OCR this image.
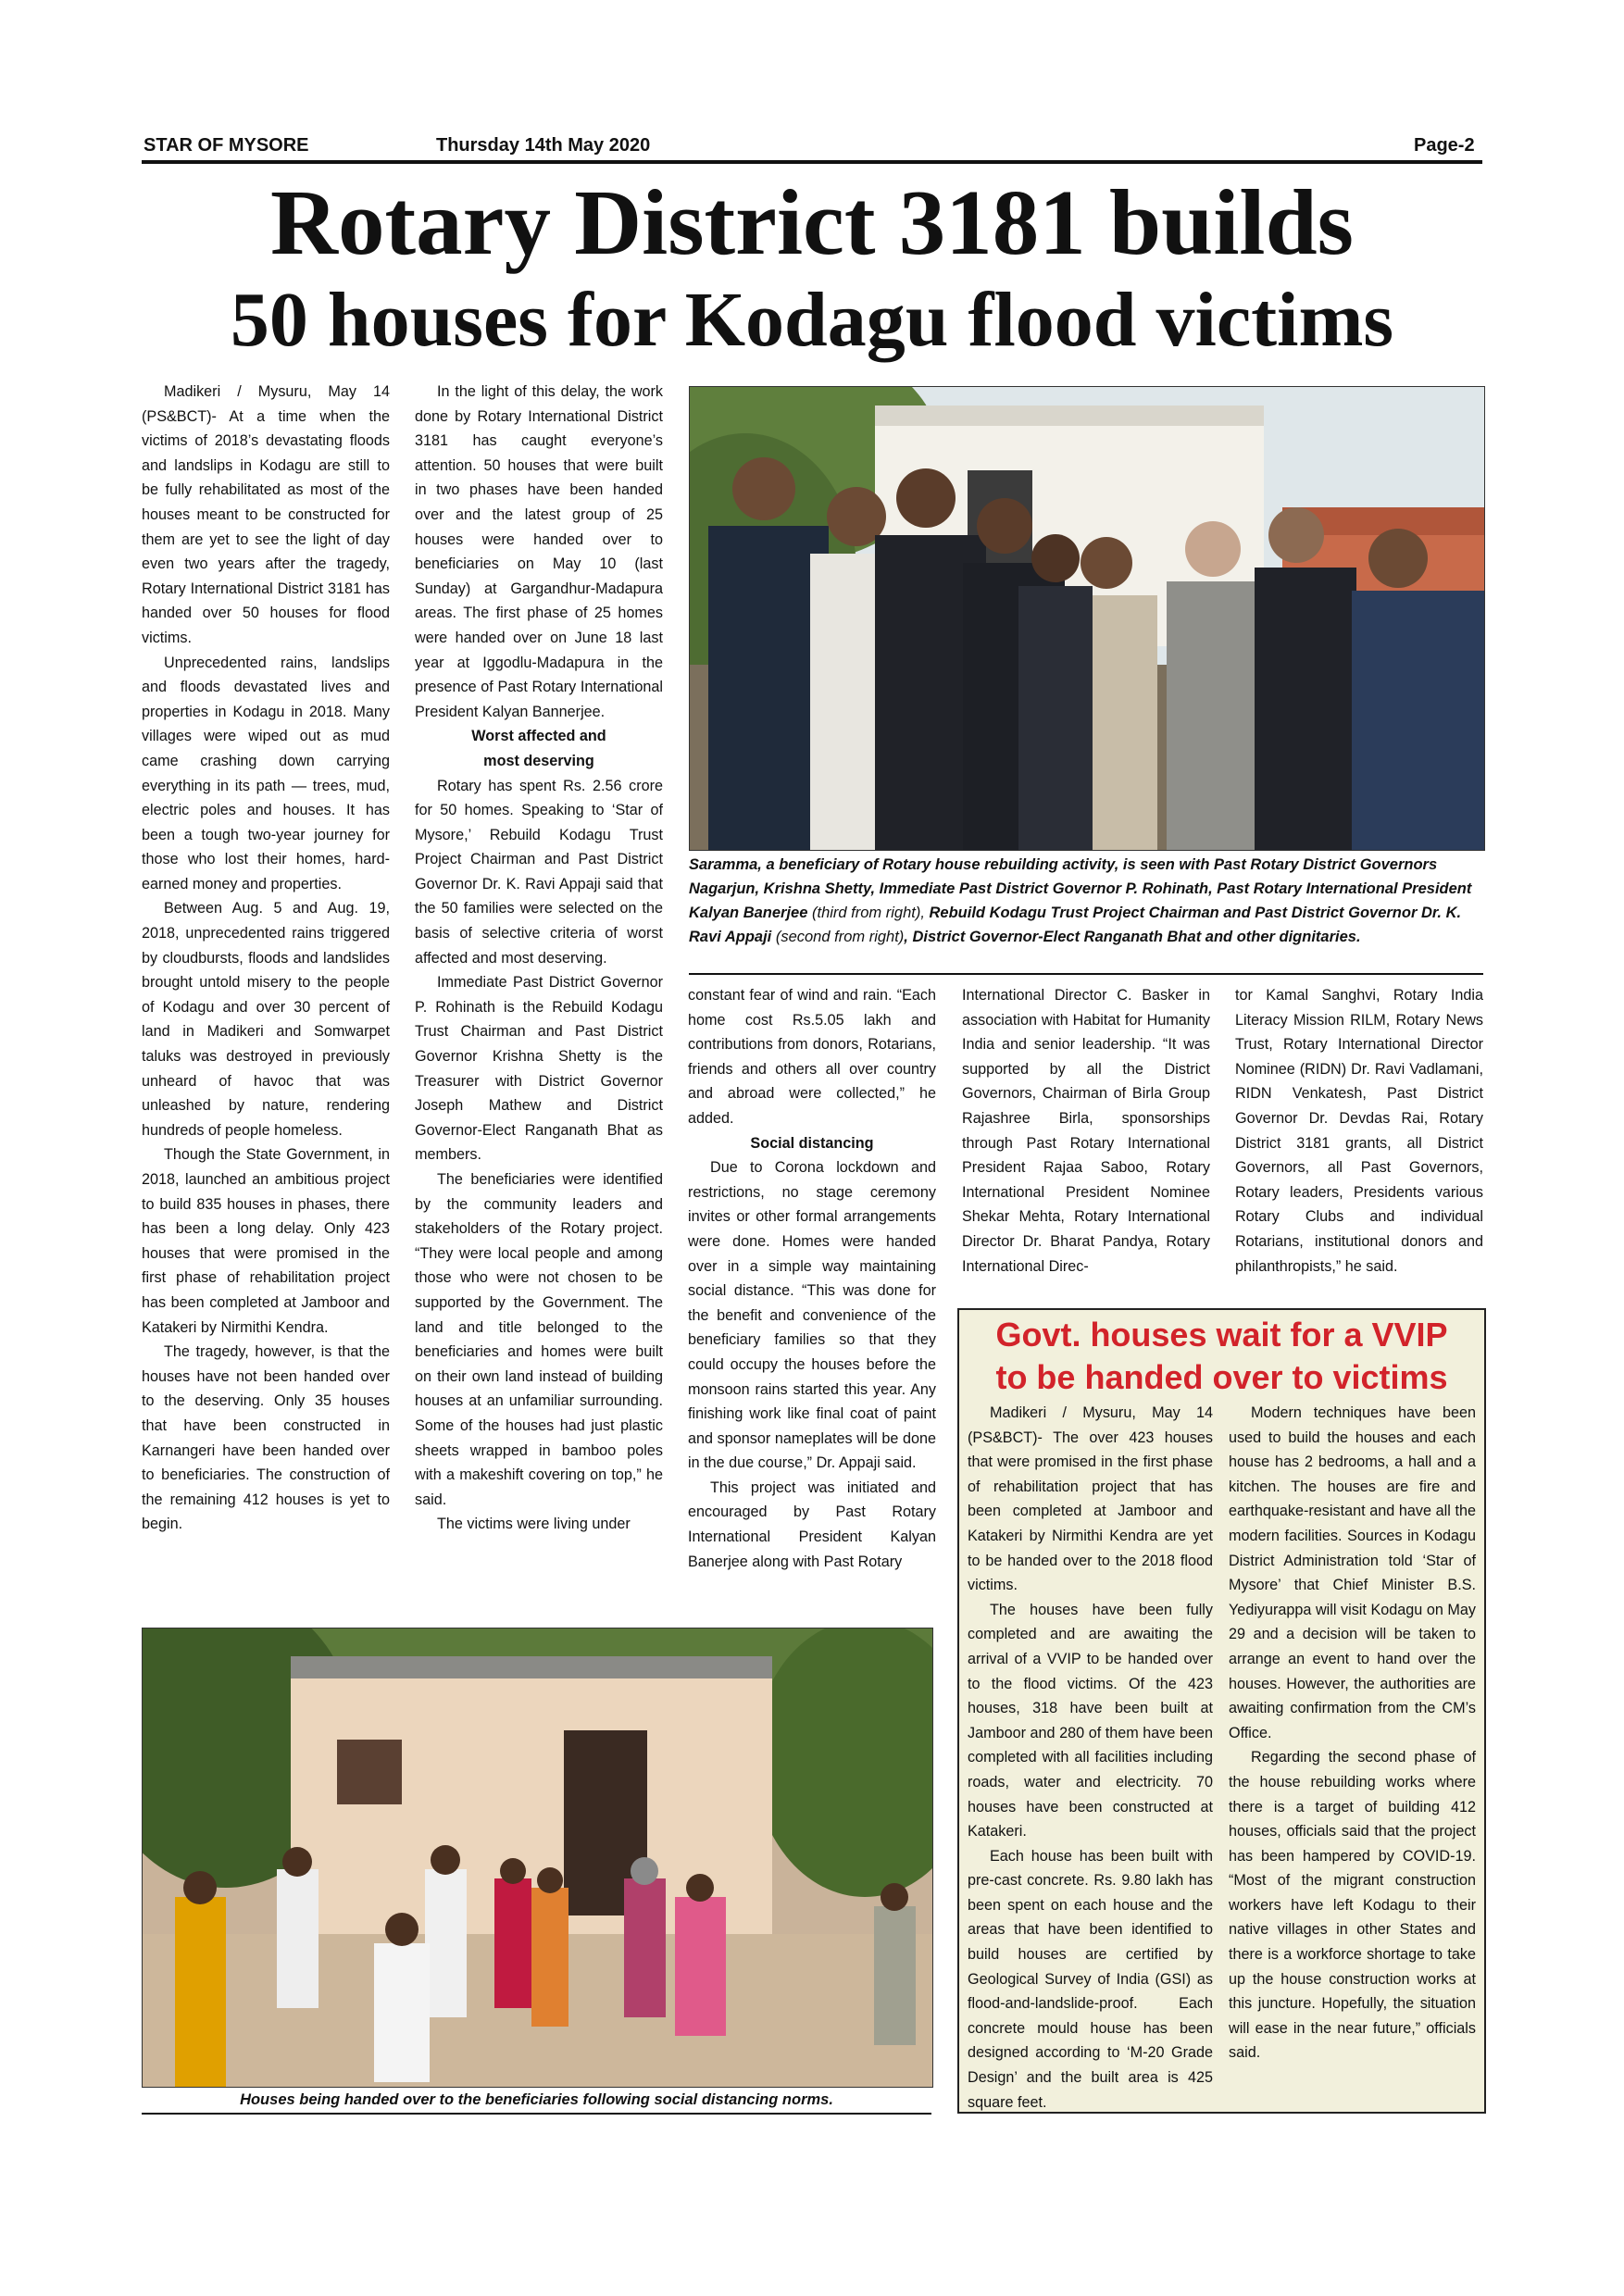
STAR OF MYSORE	Thursday 14th May 2020	Page-2
Rotary District 3181 builds
50 houses for Kodagu flood victims

Madikeri / Mysuru, May 14 (PS&BCT)- At a time when the victims of 2018’s devastating floods and landslips in Kodagu are still to be fully rehabilitated as most of the houses meant to be constructed for them are yet to see the light of day even two years after the tragedy, Rotary International District 3181 has handed over 50 houses for flood victims.

Unprecedented rains, landslips and floods devastated lives and properties in Kodagu in 2018. Many villages were wiped out as mud came crashing down carrying everything in its path — trees, mud, electric poles and houses. It has been a tough two-year journey for those who lost their homes, hard-earned money and properties.

Between Aug. 5 and Aug. 19, 2018, unprecedented rains triggered by cloudbursts, floods and landslides brought untold misery to the people of Kodagu and over 30 percent of land in Madikeri and Somwarpet taluks was destroyed in previously unheard of havoc that was unleashed by nature, rendering hundreds of people homeless.

Though the State Government, in 2018, launched an ambitious project to build 835 houses in phases, there has been a long delay. Only 423 houses that were promised in the first phase of rehabilitation project has been completed at Jamboor and Katakeri by Nirmithi Kendra.

The tragedy, however, is that the houses have not been handed over to the deserving. Only 35 houses that have been constructed in Karnangeri have been handed over to beneficiaries. The construction of the remaining 412 houses is yet to begin.

In the light of this delay, the work done by Rotary International District 3181 has caught everyone’s attention. 50 houses that were built in two phases have been handed over and the latest group of 25 houses were handed over to beneficiaries on May 10 (last Sunday) at Gargandhur-Madapura areas. The first phase of 25 homes were handed over on June 18 last year at Iggodlu-Madapura in the presence of Past Rotary International President Kalyan Bannerjee.

Worst affected and

most deserving

Rotary has spent Rs. 2.56 crore for 50 homes. Speaking to ‘Star of Mysore,’ Rebuild Kodagu Trust Project Chairman and Past District Governor Dr. K. Ravi Appaji said that the 50 families were selected on the basis of selective criteria of worst affected and most deserving.

Immediate Past District Governor P. Rohinath is the Rebuild Kodagu Trust Chairman and Past District Governor Krishna Shetty is the Treasurer with District Governor Joseph Mathew and District Governor-Elect Ranganath Bhat as members.

The beneficiaries were identified by the community leaders and stakeholders of the Rotary project. “They were local people and among those who were not chosen to be supported by the Government. The land and title belonged to the beneficiaries and homes were built on their own land instead of building houses at an unfamiliar surrounding. Some of the houses had just plastic sheets wrapped in bamboo poles with a makeshift covering on top,” he said.

The victims were living under

Saramma, a beneficiary of Rotary house rebuilding activity, is seen with Past Rotary District Governors Nagarjun, Krishna Shetty, Immediate Past District Governor P. Rohinath, Past Rotary International President Kalyan Banerjee (third from right), Rebuild Kodagu Trust Project Chairman and Past District Governor Dr. K. Ravi Appaji (second from right), District Governor-Elect Ranganath Bhat and other dignitaries.

constant fear of wind and rain. “Each home cost Rs.5.05 lakh and contributions from donors, Rotarians, friends and others all over country and abroad were collected,” he added.

Social distancing

Due to Corona lockdown and restrictions, no stage ceremony invites or other formal arrangements were done. Homes were handed over in a simple way maintaining social distance. “This was done for the benefit and convenience of the beneficiary families so that they could occupy the houses before the monsoon rains started this year. Any finishing work like final coat of paint and sponsor nameplates will be done in the due course,” Dr. Appaji said.

This project was initiated and encouraged by Past Rotary International President Kalyan Banerjee along with Past Rotary

International Director C. Basker in association with Habitat for Humanity India and senior leadership. “It was supported by all the District Governors, Chairman of Birla Group Rajashree Birla, sponsorships through Past Rotary International President Rajaa Saboo, Rotary International President Nominee Shekar Mehta, Rotary International Director Dr. Bharat Pandya, Rotary International Direc-

tor Kamal Sanghvi, Rotary India Literacy Mission RILM, Rotary News Trust, Rotary International Director Nominee (RIDN) Dr. Ravi Vadlamani, RIDN Venkatesh, Past District Governor Dr. Devdas Rai, Rotary District 3181 grants, all District Governors, all Past Governors, Rotary leaders, Presidents various Rotary Clubs and individual Rotarians, institutional donors and philanthropists,” he said.

Houses being handed over to the beneficiaries following social distancing norms.
Govt. houses wait for a VVIP
to be handed over to victims

Madikeri / Mysuru, May 14 (PS&BCT)- The over 423 houses that were promised in the first phase of rehabilitation project that has been completed at Jamboor and Katakeri by Nirmithi Kendra are yet to be handed over to the 2018 flood victims.

The houses have been fully completed and are awaiting the arrival of a VVIP to be handed over to the flood victims. Of the 423 houses, 318 have been built at Jamboor and 280 of them have been completed with all facilities including roads, water and electricity. 70 houses have been constructed at Katakeri.

Each house has been built with pre-cast concrete. Rs. 9.80 lakh has been spent on each house and the areas that have been identified to build houses are certified by Geological Survey of India (GSI) as flood-and-landslide-proof. Each concrete mould house has been designed according to ‘M-20 Grade Design’ and the built area is 425 square feet.

Modern techniques have been used to build the houses and each house has 2 bedrooms, a hall and a kitchen. The houses are fire and earthquake-resistant and have all the modern facilities. Sources in Kodagu District Administration told ‘Star of Mysore’ that Chief Minister B.S. Yediyurappa will visit Kodagu on May 29 and a decision will be taken to arrange an event to hand over the houses. However, the authorities are awaiting confirmation from the CM’s Office.

Regarding the second phase of the house rebuilding works where there is a target of building 412 houses, officials said that the project has been hampered by COVID-19. “Most of the migrant construction workers have left Kodagu to their native villages in other States and there is a workforce shortage to take up the house construction works at this juncture. Hopefully, the situation will ease in the near future,” officials said.
